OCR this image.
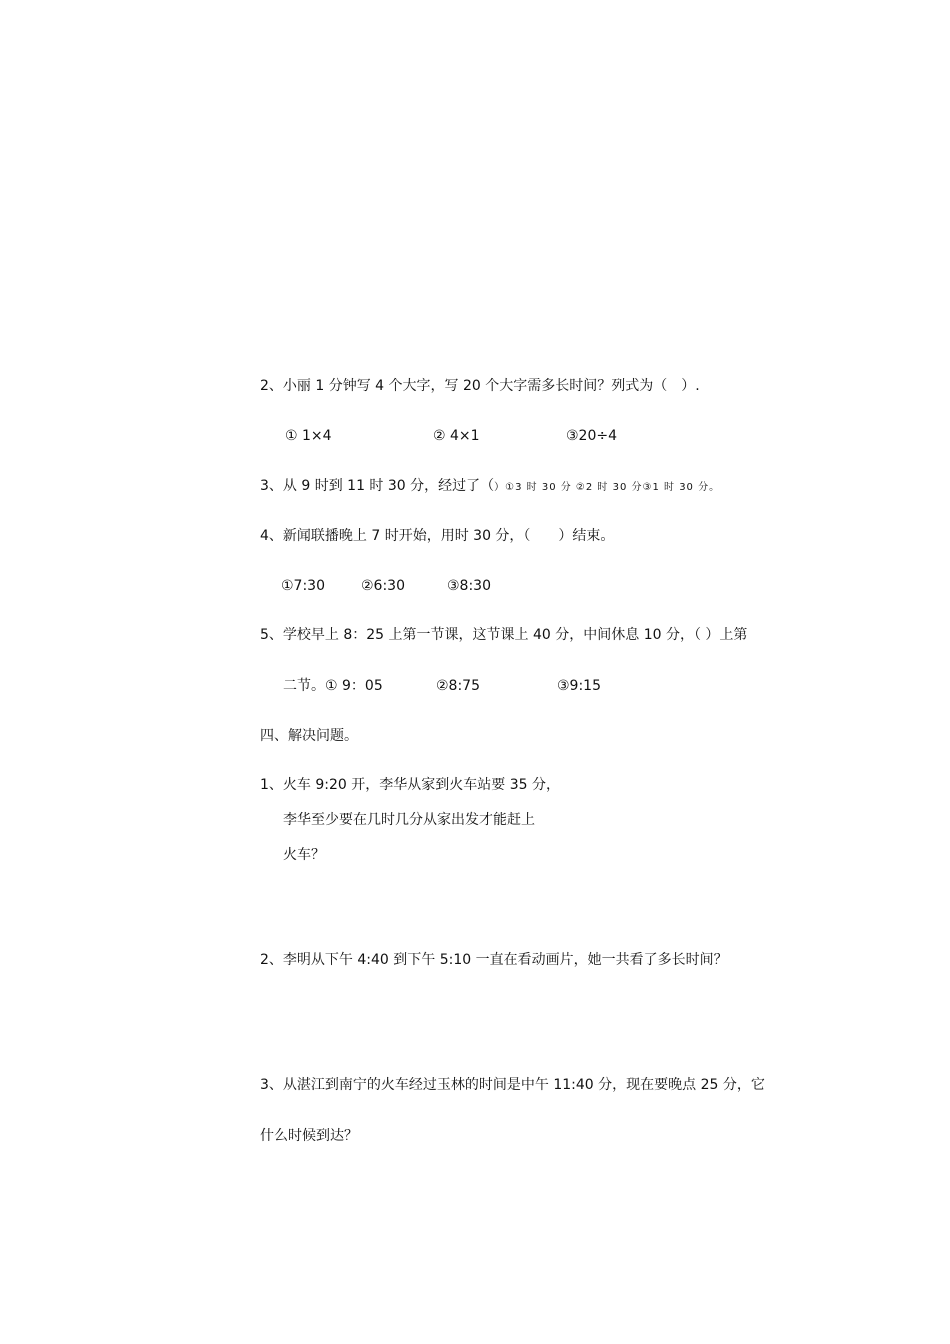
2、小丽 1 分钟写 4 个大字，写 20 个大字需多长时间？列式为（　）.
① 1×4	② 4×1	③20÷4
3、从 9 时到 11 时 30 分，经过了（）①3 时 30 分 ②2 时 30 分③1 时 30 分。
4、新闻联播晚上 7 时开始，用时 30 分，（　　）结束。
①7:30	②6:30	③8:30
5、学校早上 8：25 上第一节课，这节课上 40 分，中间休息 10 分，（ ）上第
二节。① 9：05	②8:75	③9:15
四、解决问题。
1、火车 9:20 开，李华从家到火车站要 35 分，
李华至少要在几时几分从家出发才能赶上
火车？
2、李明从下午 4:40 到下午 5:10 一直在看动画片，她一共看了多长时间？
3、从湛江到南宁的火车经过玉林的时间是中午 11:40 分，现在要晚点 25 分，它
什么时候到达？
